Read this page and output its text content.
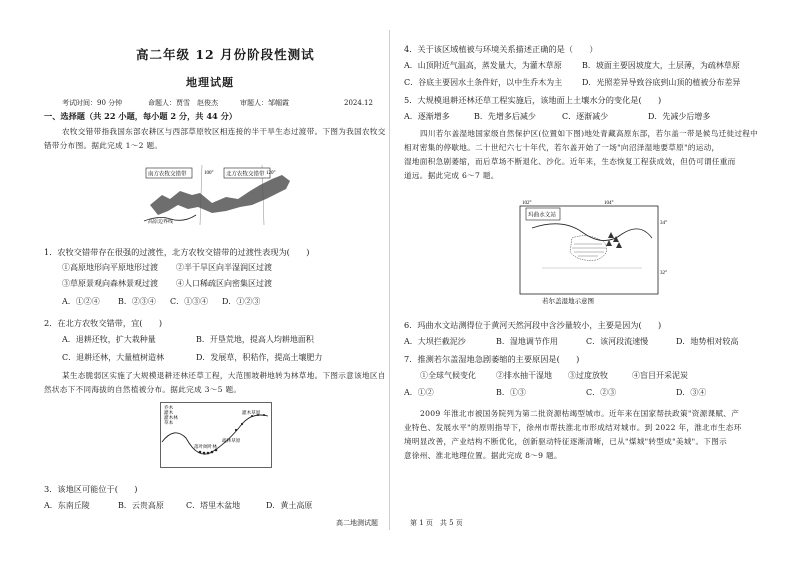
高二年级 12 月份阶段性测试
地理试题
考试时间：90 分钟	命题人：贾雪　赵俊杰	审题人：邹帼霞	2024.12
一、选择题（共 22 小题，每小题 2 分，共 44 分）
农牧交错带指我国东部农耕区与西部草原牧区相连接的半干旱生态过渡带。下图为我国农牧交
错带分布图。据此完成 1～2 题。
南方农牧交错带	北方农牧交错带
100°	120°
高原边界线
1．农牧交错带存在很强的过渡性，北方农牧交错带的过渡性表现为(　　)
①高原地形向平原地形过渡 ②半干旱区向半湿润区过渡
③草原景观向森林景观过渡 ④人口稀疏区向密集区过渡
A．①②④ B．②③④ C．①③④ D．①②③
2．在北方农牧交错带，宜(　　)
A．退耕还牧，扩大栽种量	B．开垦荒地，提高人均耕地面积
C．退耕还林，大量植树造林	D．发展草，积秸作，提高土壤肥力
某生态脆弱区实施了大规模退耕还林还草工程，大范围坡耕地转为林草地。下图示意该地区自
然状态下不同海拔的自然植被分布。据此完成 3～5 题。
乔木
灌木
灌木林
草本
疏林草原
灌木草原
落叶阔叶林
3．该地区可能位于(　　)
A．东南丘陵	B．云贵高原	C．塔里木盆地	D．黄土高原
4．关于该区域植被与环境关系描述正确的是（　　）
A．山顶附近气温高，蒸发量大，为灌木草原	B．坡面主要因坡度大，土层薄，为疏林草原
C．谷底主要因水土条件好，以中生乔木为主 D．光照差异导致谷底到山顶的植被分布差异
5．大规模退耕还林还草工程实施后，该地面上土壤水分的变化是(　　)
A．逐渐增多	B．先增多后减少	C．逐渐减少	D．先减少后增多
四川若尔盖湿地国家级自然保护区(位置如下图)地处青藏高原东部，若尔盖一带是候鸟迁徙过程中
相对密集的停歇地。二十世纪六七十年代，若尔盖开始了一场"向沼泽湿地要草原"的运动，
湿地面积急剧萎缩，而后草场不断退化、沙化。近年来，生态恢复工程获成效，但仍可谓任重而
道远。据此完成 6～7 题。
玛曲水文站
102°	104°
34°
32°
若尔盖湿地示意图
6．玛曲水文站测得位于黄河天然河段中含沙量较小，主要是因为(　　)
A．大坝拦截泥沙	B．湿地调节作用	C．该河段流速慢	D．地势相对较高
7．推测若尔盖湿地急剧萎缩的主要原因是(　　)
①全球气候变化	②排水抽干湿地 ③过度放牧	④盲目开采泥炭
A．①②	B．①③	C．②③	D．③④
2009 年淮北市被国务院列为第二批资源枯竭型城市。近年来在国家帮扶政策"资源课赋、产
业特色、发展水平"的原则指导下，徐州市帮扶淮北市形成结对城市。到 2022 年，淮北市生态环
境明显改善，产业结构不断优化，创新驱动特征逐渐清晰，已从"煤城"转型成"美城"。下图示
意徐州、淮北地理位置。据此完成 8～9 题。
高二地测试题	第 1 页　共 5 页
